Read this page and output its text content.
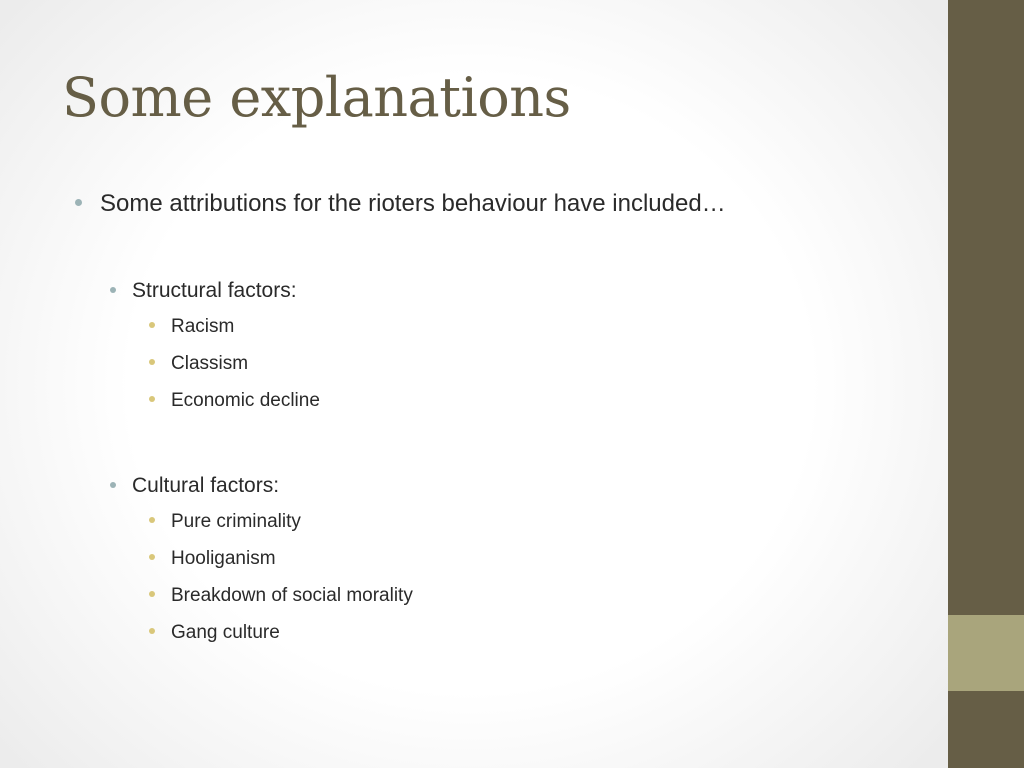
Some explanations
Some attributions for the rioters behaviour have included…
Structural factors:
Racism
Classism
Economic decline
Cultural factors:
Pure criminality
Hooliganism
Breakdown of social morality
Gang culture
